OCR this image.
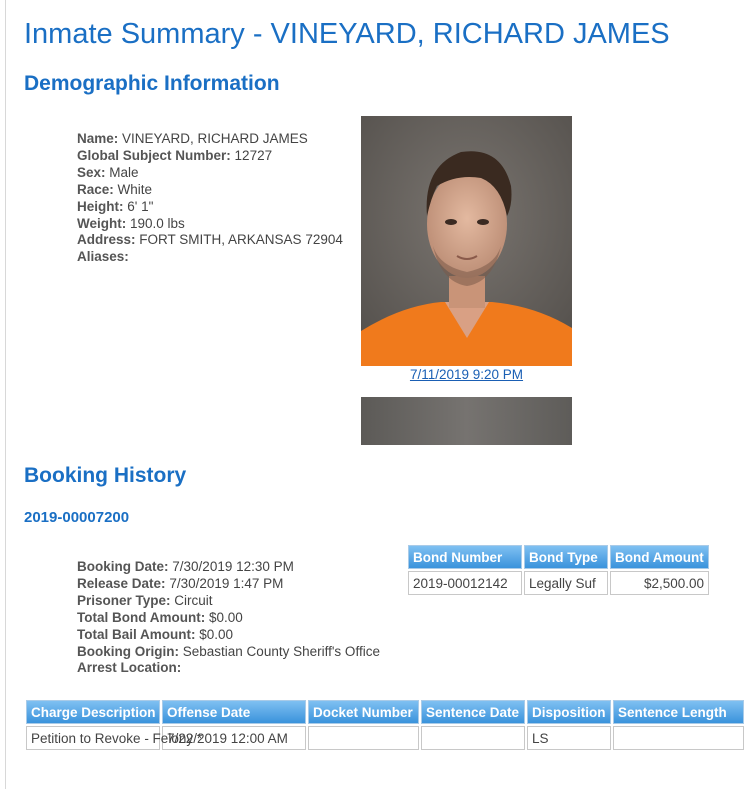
Inmate Summary - VINEYARD, RICHARD JAMES
Demographic Information
Name: VINEYARD, RICHARD JAMES
Global Subject Number: 12727
Sex: Male
Race: White
Height: 6' 1"
Weight: 190.0 lbs
Address: FORT SMITH, ARKANSAS 72904
Aliases:
7/11/2019 9:20 PM
Booking History
2019-00007200
Booking Date: 7/30/2019 12:30 PM
Release Date: 7/30/2019 1:47 PM
Prisoner Type: Circuit
Total Bond Amount: $0.00
Total Bail Amount: $0.00
Booking Origin: Sebastian County Sheriff's Office
Arrest Location:
Bond Number	Bond Type	Bond Amount
2019-00012142	Legally Suf	$2,500.00
Charge Description	Offense Date	Docket Number	Sentence Date	Disposition	Sentence Length
Petition to Revoke - Felony *	7/22/2019 12:00 AM			LS	
